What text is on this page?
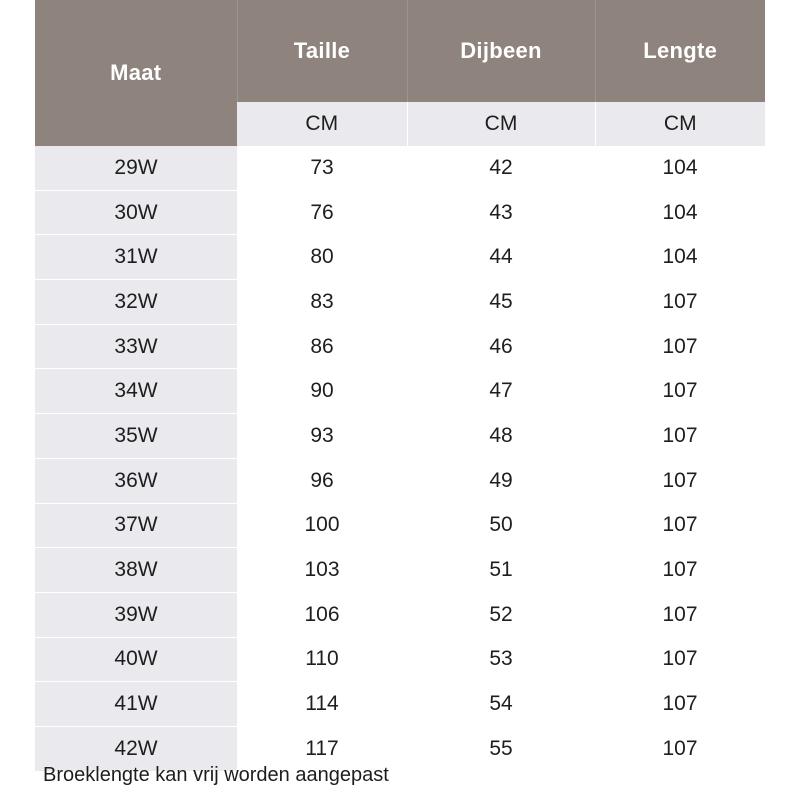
Maat	Taille	Dijbeen	Lengte
	CM	CM	CM
29W	73	42	104
30W	76	43	104
31W	80	44	104
32W	83	45	107
33W	86	46	107
34W	90	47	107
35W	93	48	107
36W	96	49	107
37W	100	50	107
38W	103	51	107
39W	106	52	107
40W	110	53	107
41W	114	54	107
42W	117	55	107
Broeklengte kan vrij worden aangepast
